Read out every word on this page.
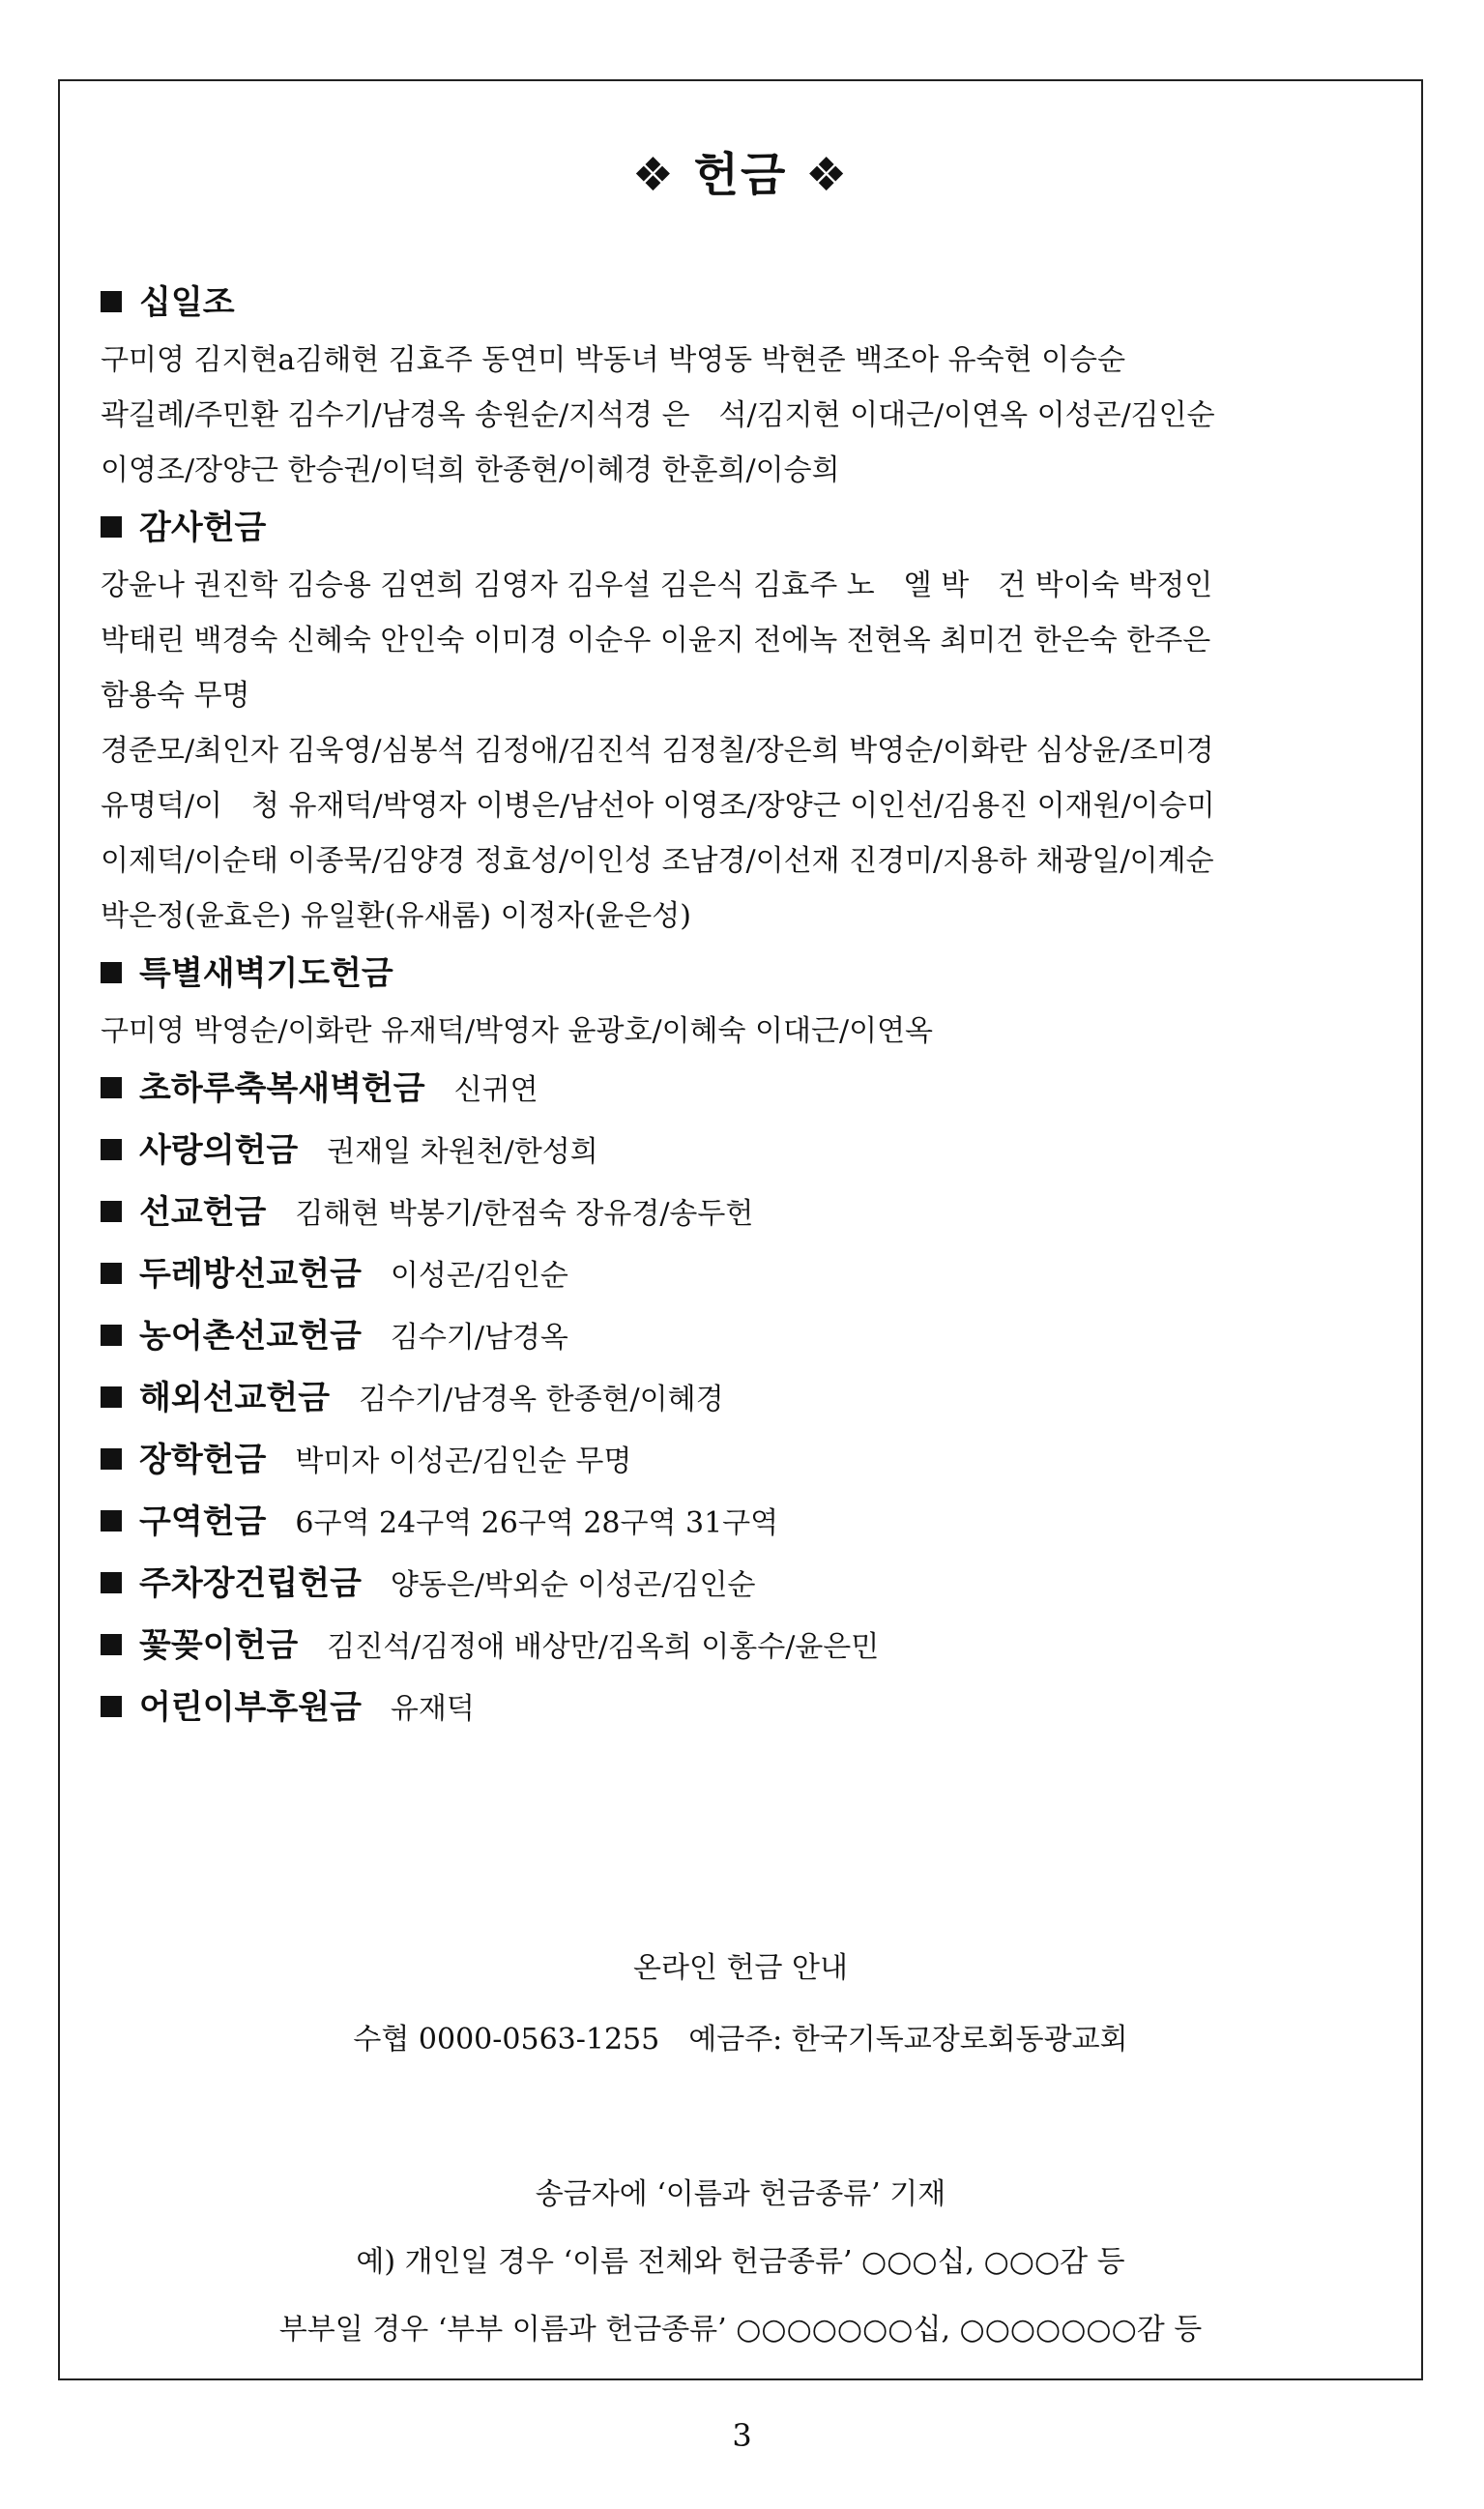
❖ 헌금 ❖
십일조
구미영 김지현a김해현 김효주 동연미 박동녀 박영동 박현준 백조아 유숙현 이승순
곽길례/주민환 김수기/남경옥 송원순/지석경 은　석/김지현 이대근/이연옥 이성곤/김인순
이영조/장양근 한승권/이덕희 한종현/이혜경 한훈희/이승희
감사헌금
강윤나 권진학 김승용 김연희 김영자 김우설 김은식 김효주 노　엘 박　건 박이숙 박정인
박태린 백경숙 신혜숙 안인숙 이미경 이순우 이윤지 전에녹 전현옥 최미건 한은숙 한주은
함용숙 무명
경준모/최인자 김욱영/심봉석 김정애/김진석 김정칠/장은희 박영순/이화란 심상윤/조미경
유명덕/이　청 유재덕/박영자 이병은/남선아 이영조/장양근 이인선/김용진 이재원/이승미
이제덕/이순태 이종묵/김양경 정효성/이인성 조남경/이선재 진경미/지용하 채광일/이계순
박은정(윤효은) 유일환(유새롬) 이정자(윤은성)
특별새벽기도헌금
구미영 박영순/이화란 유재덕/박영자 윤광호/이혜숙 이대근/이연옥
초하루축복새벽헌금 신귀연
사랑의헌금 권재일 차원천/한성희
선교헌금 김해현 박봉기/한점숙 장유경/송두헌
두레방선교헌금 이성곤/김인순
농어촌선교헌금 김수기/남경옥
해외선교헌금 김수기/남경옥 한종현/이혜경
장학헌금 박미자 이성곤/김인순 무명
구역헌금 6구역 24구역 26구역 28구역 31구역
주차장건립헌금 양동은/박외순 이성곤/김인순
꽃꽂이헌금 김진석/김정애 배상만/김옥희 이홍수/윤은민
어린이부후원금 유재덕
온라인 헌금 안내
수협 0000-0563-1255　예금주: 한국기독교장로회동광교회
송금자에 ‘이름과 헌금종류’ 기재
예) 개인일 경우 ‘이름 전체와 헌금종류’ ○○○십, ○○○감 등
부부일 경우 ‘부부 이름과 헌금종류’ ○○○○○○○십, ○○○○○○○감 등
3
